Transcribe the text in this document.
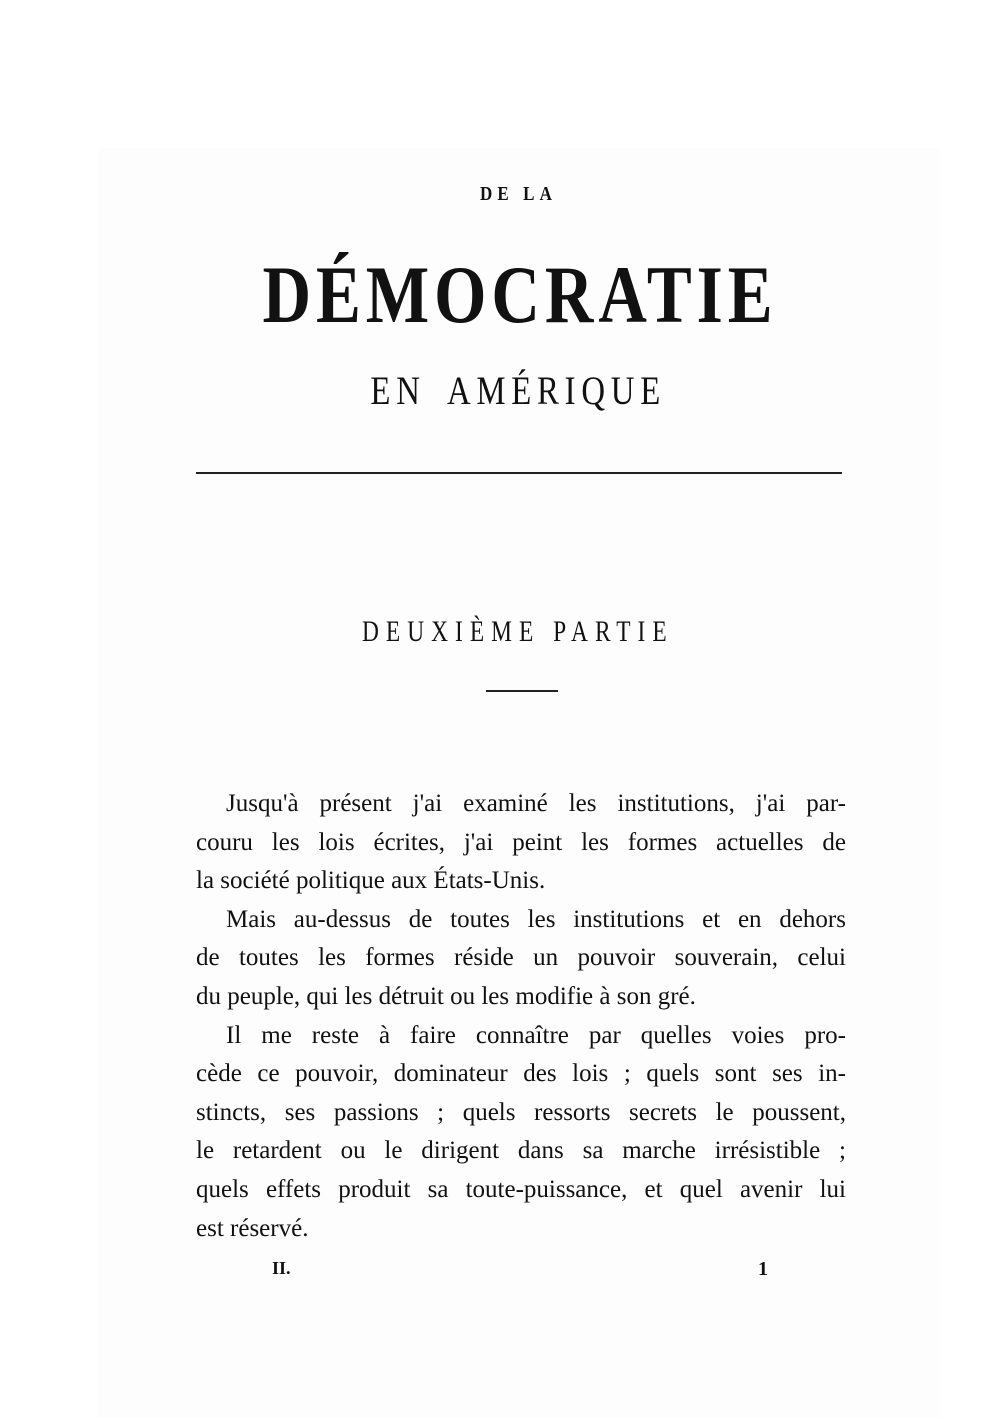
DE LA
DÉMOCRATIE
EN AMÉRIQUE
DEUXIÈME PARTIE
Jusqu'à présent j'ai examiné les institutions, j'ai par-
couru les lois écrites, j'ai peint les formes actuelles de
la société politique aux États-Unis.
Mais au-dessus de toutes les institutions et en dehors
de toutes les formes réside un pouvoir souverain, celui
du peuple, qui les détruit ou les modifie à son gré.
Il me reste à faire connaître par quelles voies pro-
cède ce pouvoir, dominateur des lois ; quels sont ses in-
stincts, ses passions ; quels ressorts secrets le poussent,
le retardent ou le dirigent dans sa marche irrésistible ;
quels effets produit sa toute-puissance, et quel avenir lui
est réservé.
II.	1
